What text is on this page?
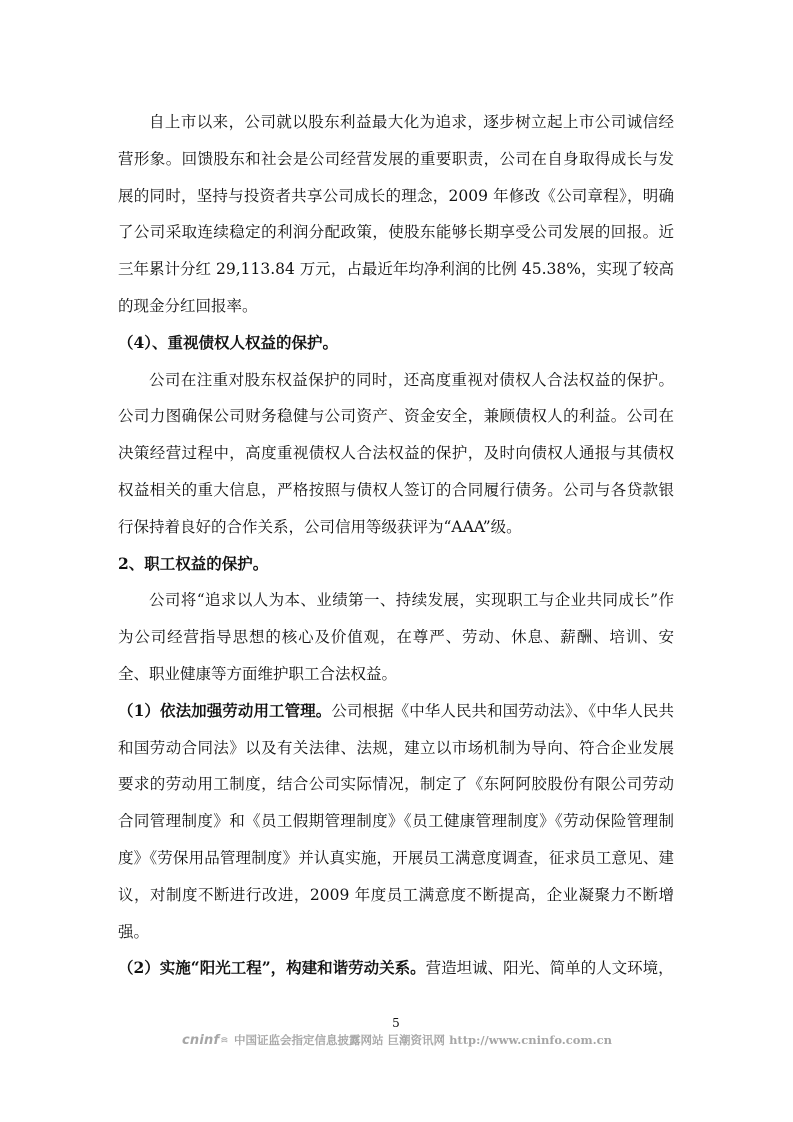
自上市以来，公司就以股东利益最大化为追求，逐步树立起上市公司诚信经营形象。回馈股东和社会是公司经营发展的重要职责，公司在自身取得成长与发展的同时，坚持与投资者共享公司成长的理念，2009 年修改《公司章程》，明确了公司采取连续稳定的利润分配政策，使股东能够长期享受公司发展的回报。近三年累计分红 29,113.84 万元，占最近年均净利润的比例 45.38%，实现了较高的现金分红回报率。

（4）、重视债权人权益的保护。

公司在注重对股东权益保护的同时，还高度重视对债权人合法权益的保护。公司力图确保公司财务稳健与公司资产、资金安全，兼顾债权人的利益。公司在决策经营过程中，高度重视债权人合法权益的保护，及时向债权人通报与其债权权益相关的重大信息，严格按照与债权人签订的合同履行债务。公司与各贷款银行保持着良好的合作关系，公司信用等级获评为“AAA”级。

2、职工权益的保护。

公司将“追求以人为本、业绩第一、持续发展，实现职工与企业共同成长”作为公司经营指导思想的核心及价值观，在尊严、劳动、休息、薪酬、培训、安全、职业健康等方面维护职工合法权益。

（1）依法加强劳动用工管理。公司根据《中华人民共和国劳动法》、《中华人民共和国劳动合同法》以及有关法律、法规，建立以市场机制为导向、符合企业发展要求的劳动用工制度，结合公司实际情况，制定了《东阿阿胶股份有限公司劳动合同管理制度》和《员工假期管理制度》《员工健康管理制度》《劳动保险管理制度》《劳保用品管理制度》并认真实施，开展员工满意度调查，征求员工意见、建议，对制度不断进行改进，2009 年度员工满意度不断提高，企业凝聚力不断增强。

（2）实施“阳光工程”，构建和谐劳动关系。营造坦诚、阳光、简单的人文环境，

5
cninf 中国证监会指定信息披露网站 巨潮资讯网 http://www.cninfo.com.cn
